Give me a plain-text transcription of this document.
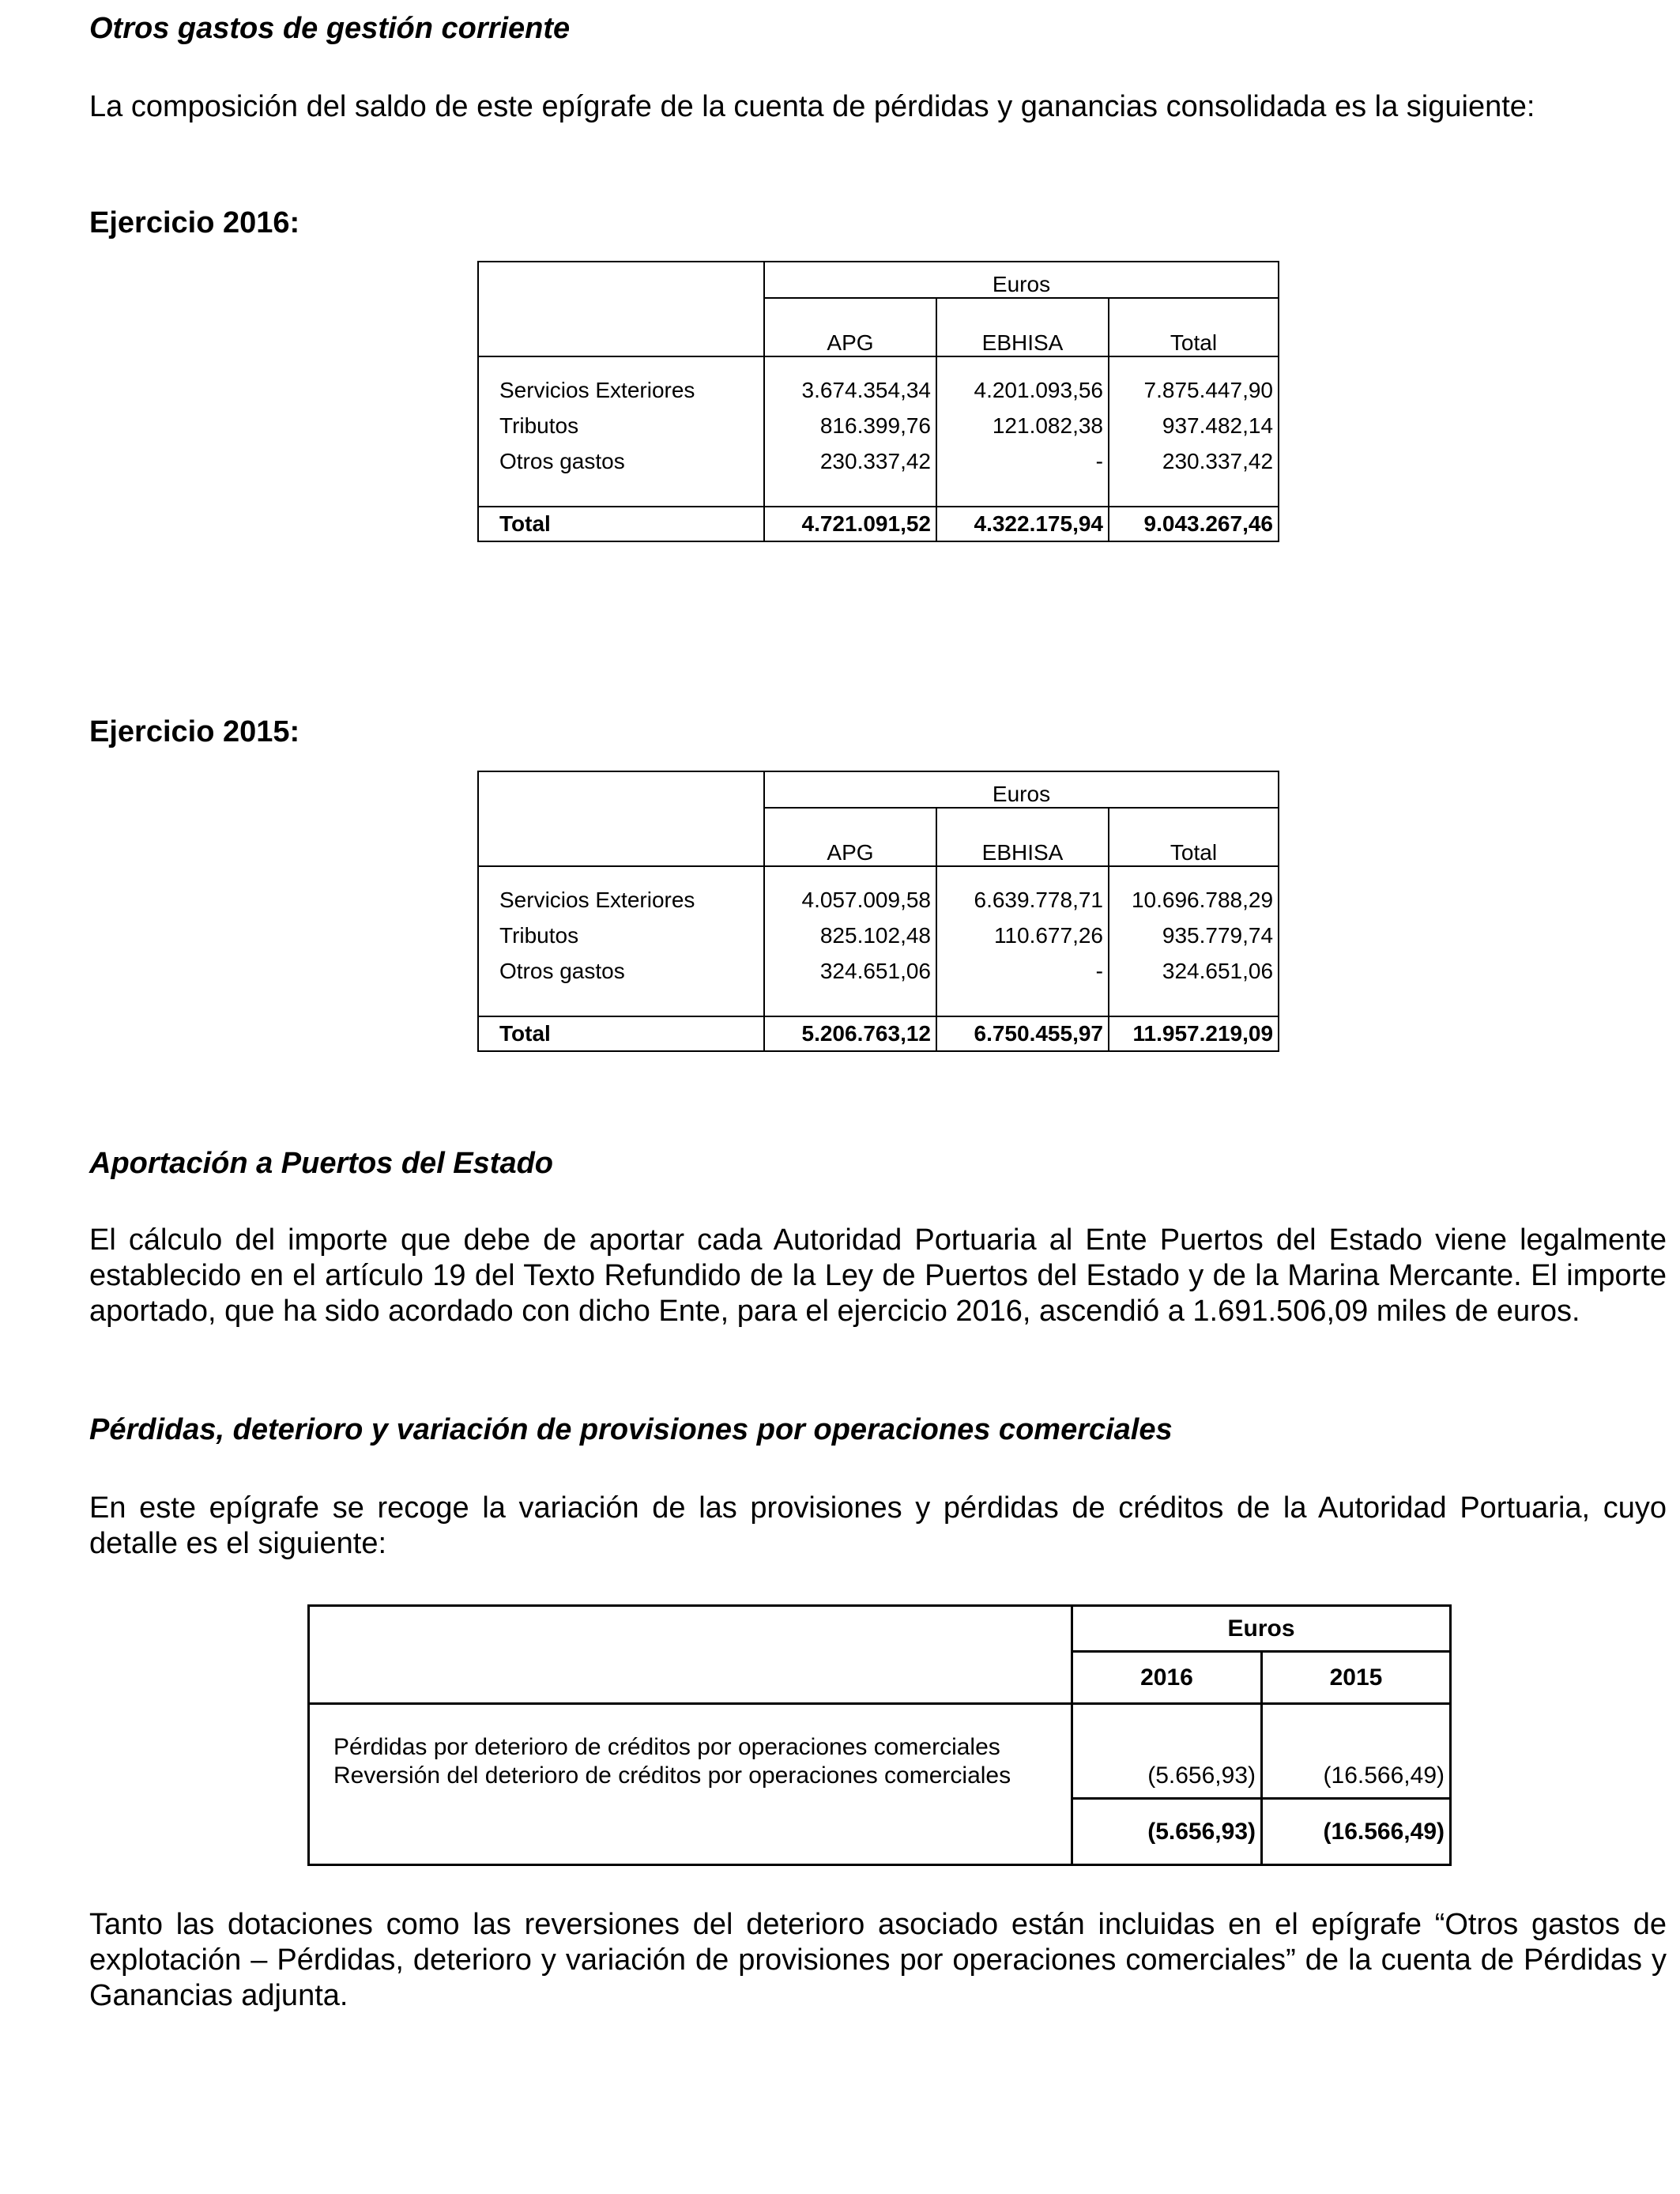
Otros gastos de gestión corriente

La composición del saldo de este epígrafe de la cuenta de pérdidas y ganancias consolidada es la siguiente:

Ejercicio 2016:

	Euros		
	APG	EBHISA	Total
Servicios Exteriores	3.674.354,34	4.201.093,56	7.875.447,90
Tributos	816.399,76	121.082,38	937.482,14
Otros gastos	230.337,42	-	230.337,42

Total	4.721.091,52	4.322.175,94	9.043.267,46

Ejercicio 2015:

	Euros		
	APG	EBHISA	Total
Servicios Exteriores	4.057.009,58	6.639.778,71	10.696.788,29
Tributos	825.102,48	110.677,26	935.779,74
Otros gastos	324.651,06	-	324.651,06

Total	5.206.763,12	6.750.455,97	11.957.219,09

Aportación a Puertos del Estado

El cálculo del importe que debe de aportar cada Autoridad Portuaria al Ente Puertos del Estado viene legalmente establecido en el artículo 19 del Texto Refundido de la Ley de Puertos del Estado y de la Marina Mercante. El importe aportado, que ha sido acordado con dicho Ente, para el ejercicio 2016, ascendió a 1.691.506,09 miles de euros.

Pérdidas, deterioro y variación de provisiones por operaciones comerciales

En este epígrafe se recoge la variación de las provisiones y pérdidas de créditos de la Autoridad Portuaria, cuyo detalle es el siguiente:

	Euros	
	2016	2015
Pérdidas por deterioro de créditos por operaciones comerciales		
Reversión del deterioro de créditos por operaciones comerciales	(5.656,93)	(16.566,49)
	(5.656,93)	(16.566,49)

Tanto las dotaciones como las reversiones del deterioro asociado están incluidas en el epígrafe “Otros gastos de explotación – Pérdidas, deterioro y variación de provisiones por operaciones comerciales” de la cuenta de Pérdidas y Ganancias adjunta.
